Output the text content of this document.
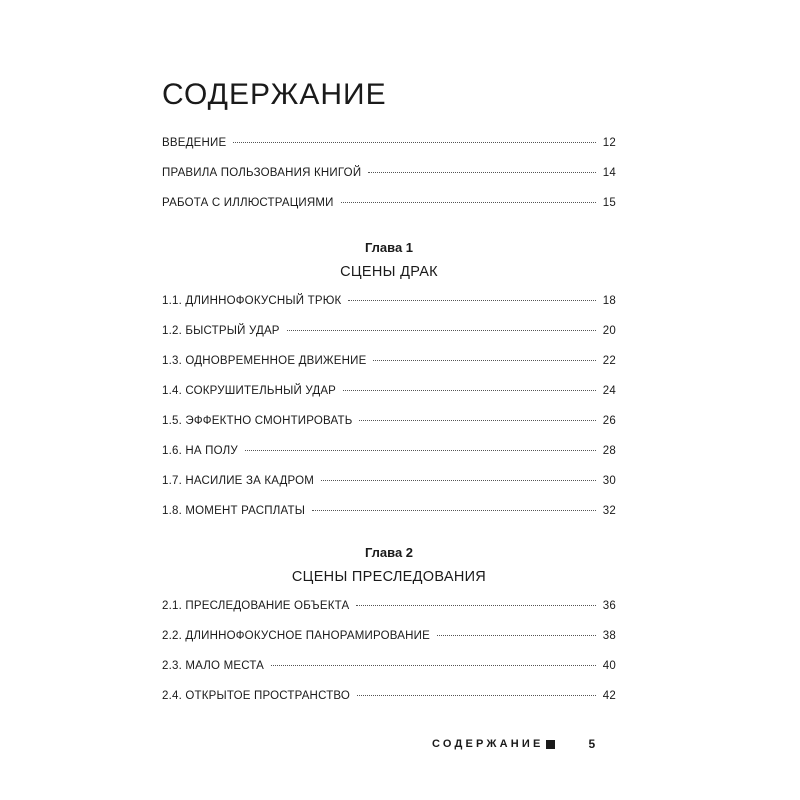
СОДЕРЖАНИЕ
ВВЕДЕНИЕ	12
ПРАВИЛА ПОЛЬЗОВАНИЯ КНИГОЙ	14
РАБОТА С ИЛЛЮСТРАЦИЯМИ	15
Глава 1
СЦЕНЫ ДРАК
1.1. ДЛИННОФОКУСНЫЙ ТРЮК	18
1.2. БЫСТРЫЙ УДАР	20
1.3. ОДНОВРЕМЕННОЕ ДВИЖЕНИЕ	22
1.4. СОКРУШИТЕЛЬНЫЙ УДАР	24
1.5. ЭФФЕКТНО СМОНТИРОВАТЬ	26
1.6. НА ПОЛУ	28
1.7. НАСИЛИЕ ЗА КАДРОМ	30
1.8. МОМЕНТ РАСПЛАТЫ	32
Глава 2
СЦЕНЫ ПРЕСЛЕДОВАНИЯ
2.1. ПРЕСЛЕДОВАНИЕ ОБЪЕКТА	36
2.2. ДЛИННОФОКУСНОЕ ПАНОРАМИРОВАНИЕ	38
2.3. МАЛО МЕСТА	40
2.4. ОТКРЫТОЕ ПРОСТРАНСТВО	42
СОДЕРЖАНИЕ	5
